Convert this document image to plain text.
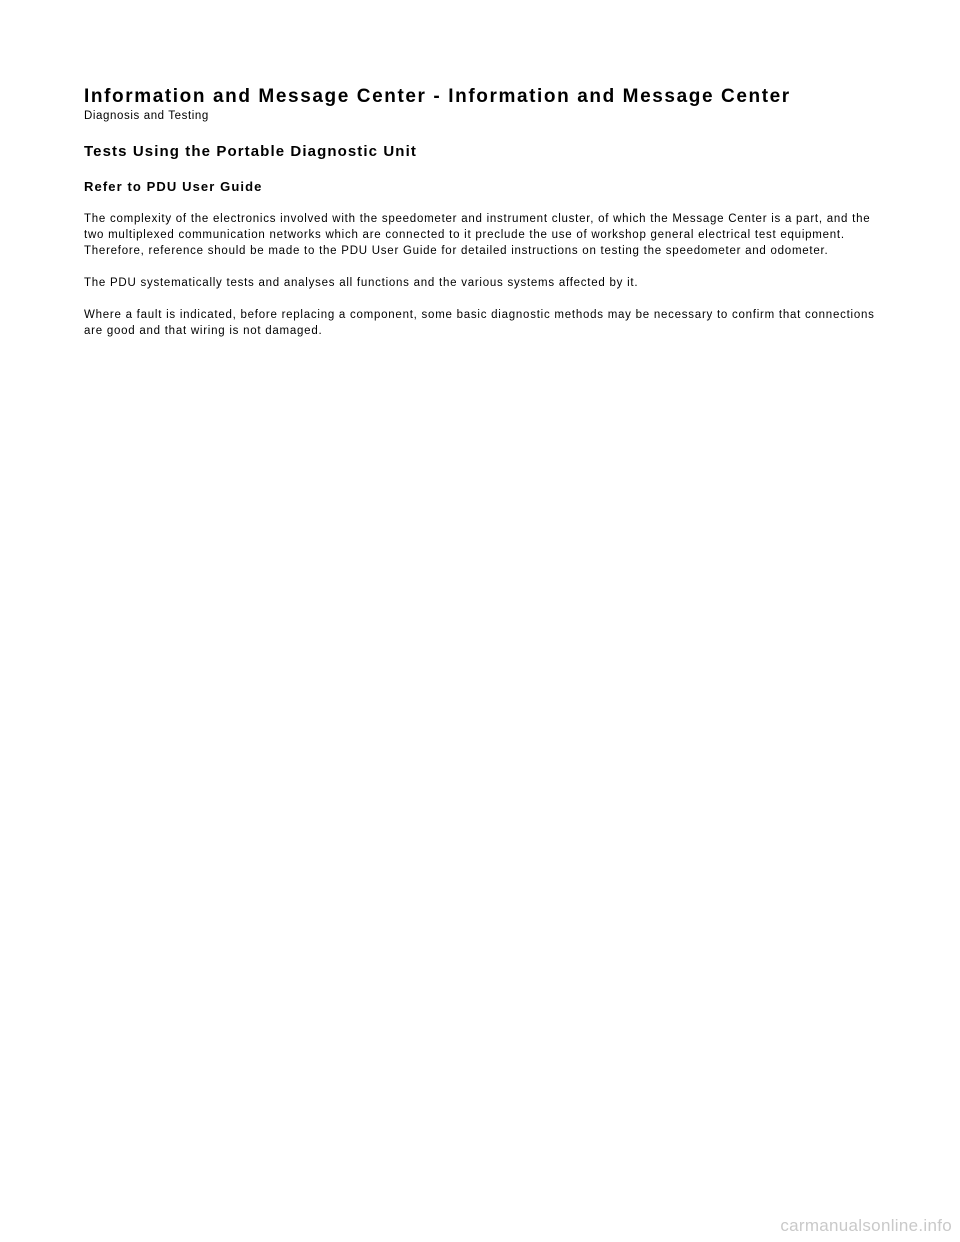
Information and Message Center - Information and Message Center
Diagnosis and Testing
Tests Using the Portable Diagnostic Unit
Refer to PDU User Guide

The complexity of the electronics involved with the speedometer and instrument cluster, of which the Message Center is a part, and the two multiplexed communication networks which are connected to it preclude the use of workshop general electrical test equipment. Therefore, reference should be made to the PDU User Guide for detailed instructions on testing the speedometer and odometer.

The PDU systematically tests and analyses all functions and the various systems affected by it.

Where a fault is indicated, before replacing a component, some basic diagnostic methods may be necessary to confirm that connections are good and that wiring is not damaged.

carmanualsonline.info
